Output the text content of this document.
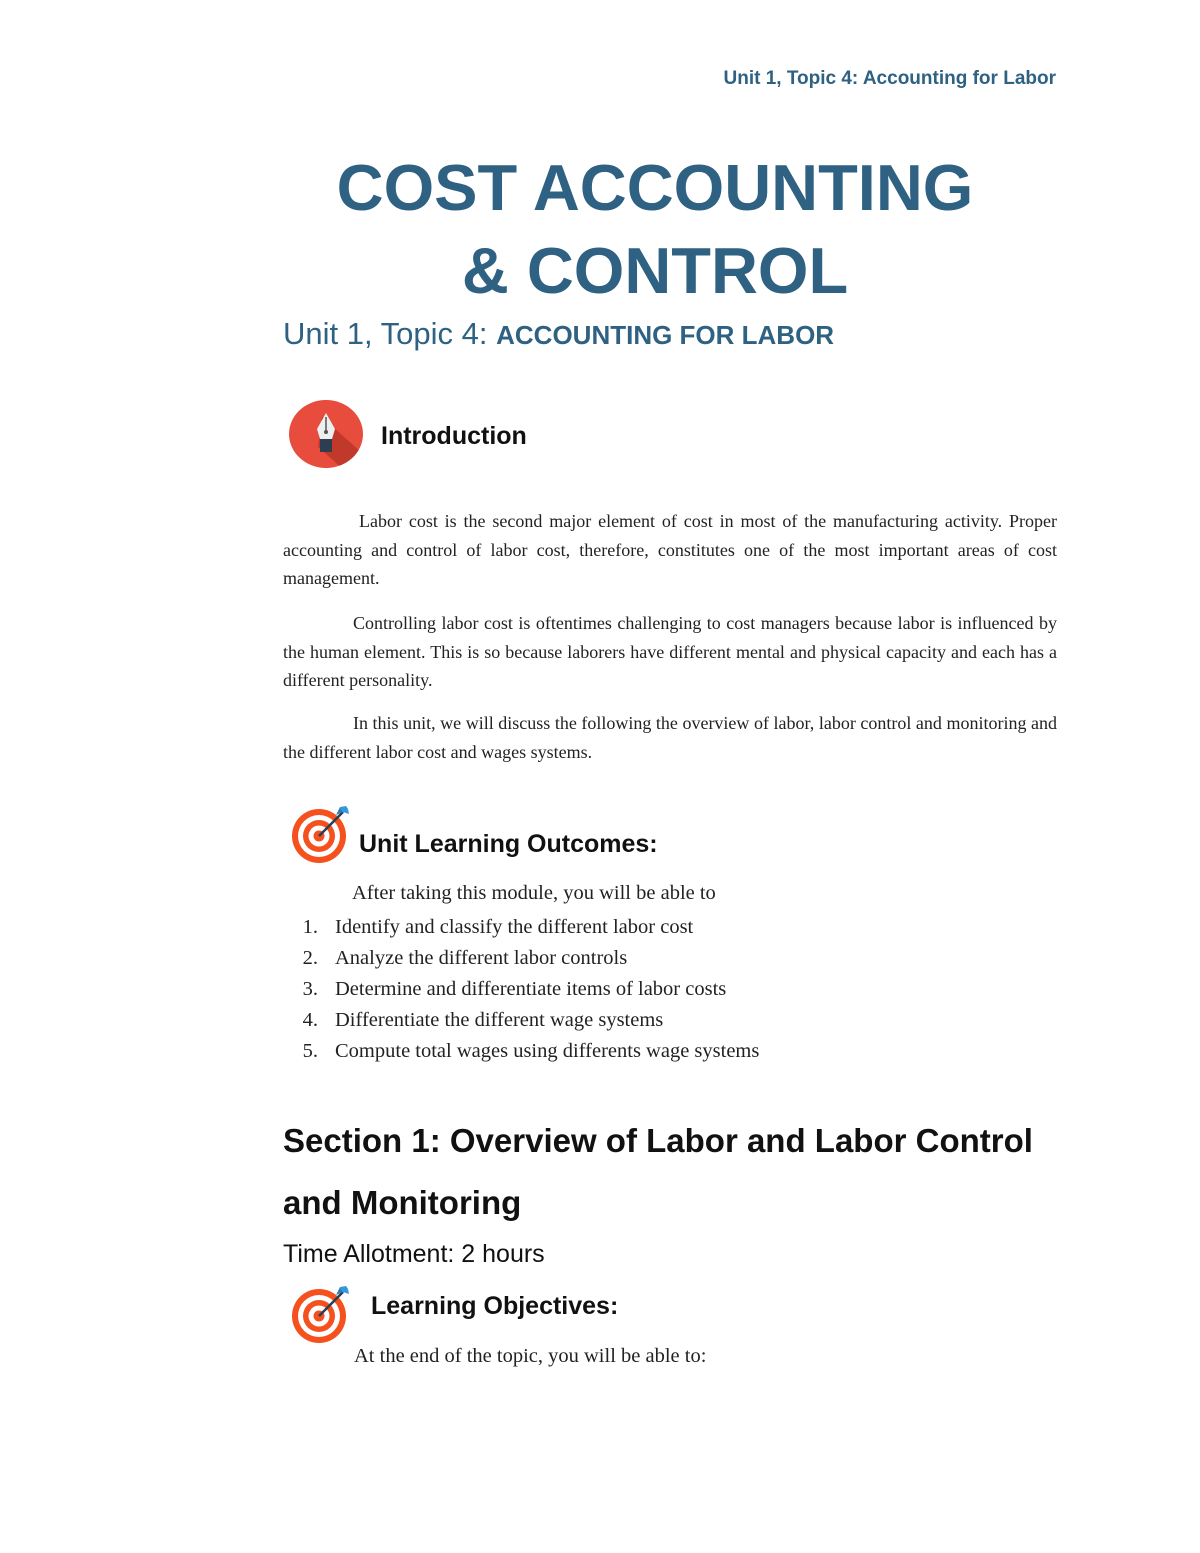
Unit 1, Topic 4: Accounting for Labor
COST ACCOUNTING
& CONTROL
Unit 1, Topic 4: ACCOUNTING FOR LABOR
Introduction

Labor cost is the second major element of cost in most of the manufacturing activity. Proper accounting and control of labor cost, therefore, constitutes one of the most important areas of cost management.

Controlling labor cost is oftentimes challenging to cost managers because labor is influenced by the human element. This is so because laborers have different mental and physical capacity and each has a different personality.

In this unit, we will discuss the following the overview of labor, labor control and monitoring and the different labor cost and wages systems.

Unit Learning Outcomes:
After taking this module, you will be able to
1. Identify and classify the different labor cost
2. Analyze the different labor controls
3. Determine and differentiate items of labor costs
4. Differentiate the different wage systems
5. Compute total wages using differents wage systems
Section 1: Overview of Labor and Labor Control and Monitoring
Time Allotment: 2 hours
Learning Objectives:
At the end of the topic, you will be able to:
